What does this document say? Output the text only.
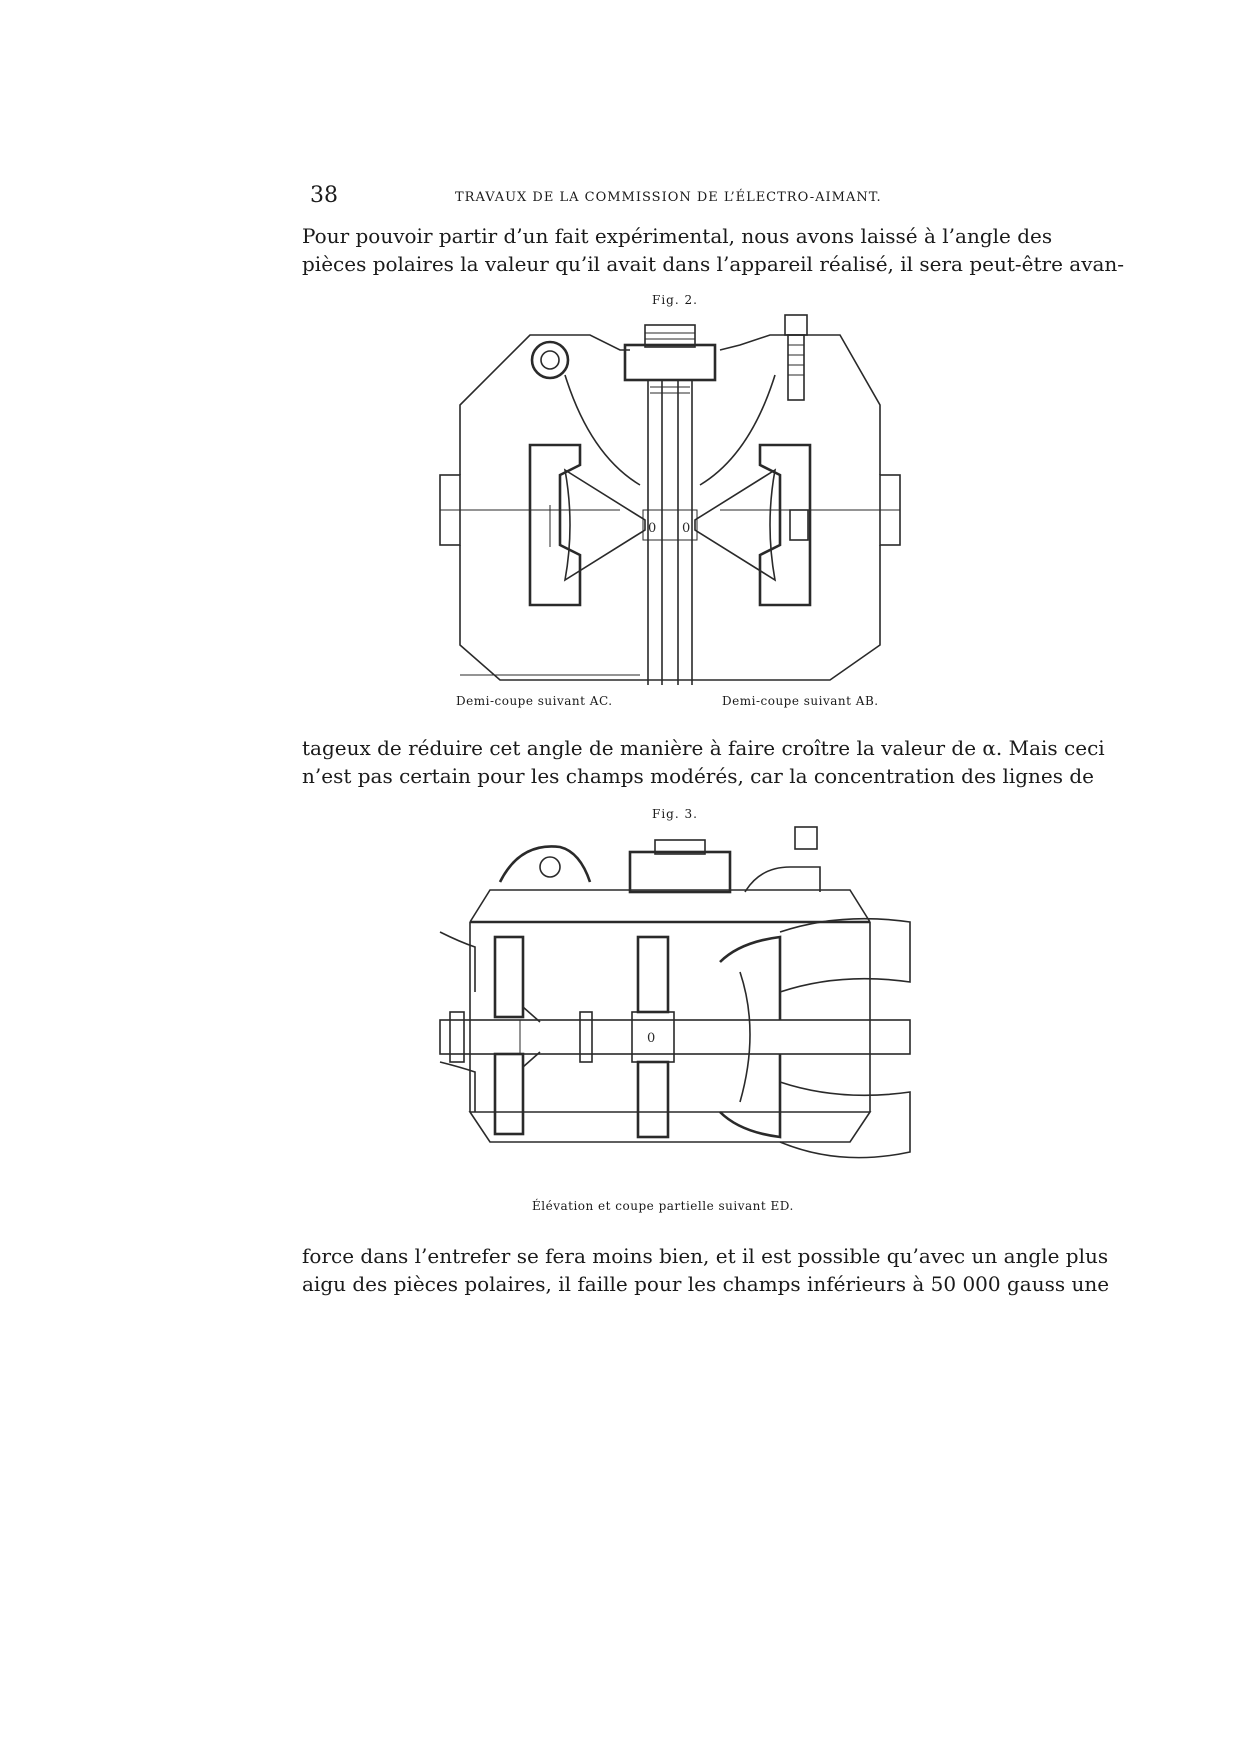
38	TRAVAUX DE LA COMMISSION DE L’ÉLECTRO-AIMANT.
Pour pouvoir partir d’un fait expérimental, nous avons laissé à l’angle des
pièces polaires la valeur qu’il avait dans l’appareil réalisé, il sera peut-être avan-
Fig. 2.
0 0
Demi-coupe suivant AC.	Demi-coupe suivant AB.
tageux de réduire cet angle de manière à faire croître la valeur de α. Mais ceci
n’est pas certain pour les champs modérés, car la concentration des lignes de
Fig. 3.
0
Élévation et coupe partielle suivant ED.
force dans l’entrefer se fera moins bien, et il est possible qu’avec un angle plus
aigu des pièces polaires, il faille pour les champs inférieurs à 50 000 gauss une
